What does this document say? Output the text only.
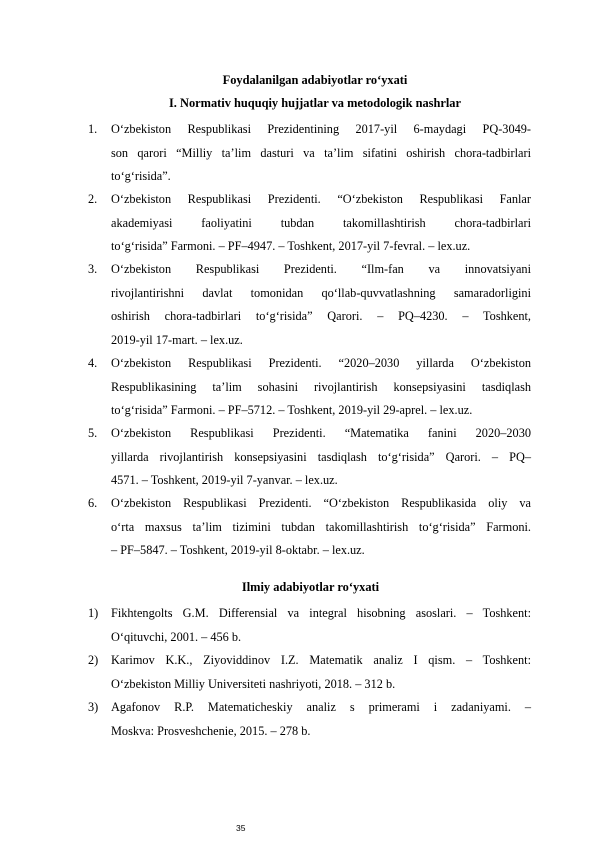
Foydalanilgan adabiyotlar ro‘yxati
I. Normativ huquqiy hujjatlar va metodologik nashrlar
1. O‘zbekiston Respublikasi Prezidentining 2017-yil 6-maydagi PQ-3049-
son qarori “Milliy ta’lim dasturi va ta’lim sifatini oshirish chora-tadbirlari
to‘g‘risida”.
2. O‘zbekiston Respublikasi Prezidenti. “O‘zbekiston Respublikasi Fanlar
akademiyasi faoliyatini tubdan takomillashtirish chora-tadbirlari
to‘g‘risida” Farmoni. – PF–4947. – Toshkent, 2017-yil 7-fevral. – lex.uz.
3. O‘zbekiston Respublikasi Prezidenti. “Ilm-fan va innovatsiyani
rivojlantirishni davlat tomonidan qo‘llab-quvvatlashning samaradorligini
oshirish chora-tadbirlari to‘g‘risida” Qarori. – PQ–4230. – Toshkent,
2019-yil 17-mart. – lex.uz.
4. O‘zbekiston Respublikasi Prezidenti. “2020–2030 yillarda O‘zbekiston
Respublikasining ta’lim sohasini rivojlantirish konsepsiyasini tasdiqlash
to‘g‘risida” Farmoni. – PF–5712. – Toshkent, 2019-yil 29-aprel. – lex.uz.
5. O‘zbekiston Respublikasi Prezidenti. “Matematika fanini 2020–2030
yillarda rivojlantirish konsepsiyasini tasdiqlash to‘g‘risida” Qarori. – PQ–
4571. – Toshkent, 2019-yil 7-yanvar. – lex.uz.
6. O‘zbekiston Respublikasi Prezidenti. “O‘zbekiston Respublikasida oliy va
o‘rta maxsus ta’lim tizimini tubdan takomillashtirish to‘g‘risida” Farmoni.
– PF–5847. – Toshkent, 2019-yil 8-oktabr. – lex.uz.
Ilmiy adabiyotlar ro‘yxati
1) Fikhtengolts G.M. Differensial va integral hisobning asoslari. – Toshkent:
O‘qituvchi, 2001. – 456 b.
2) Karimov K.K., Ziyoviddinov I.Z. Matematik analiz I qism. – Toshkent:
O‘zbekiston Milliy Universiteti nashriyoti, 2018. – 312 b.
3) Agafonov R.P. Matematicheskiy analiz s primerami i zadaniyami. –
Moskva: Prosveshchenie, 2015. – 278 b.
35
